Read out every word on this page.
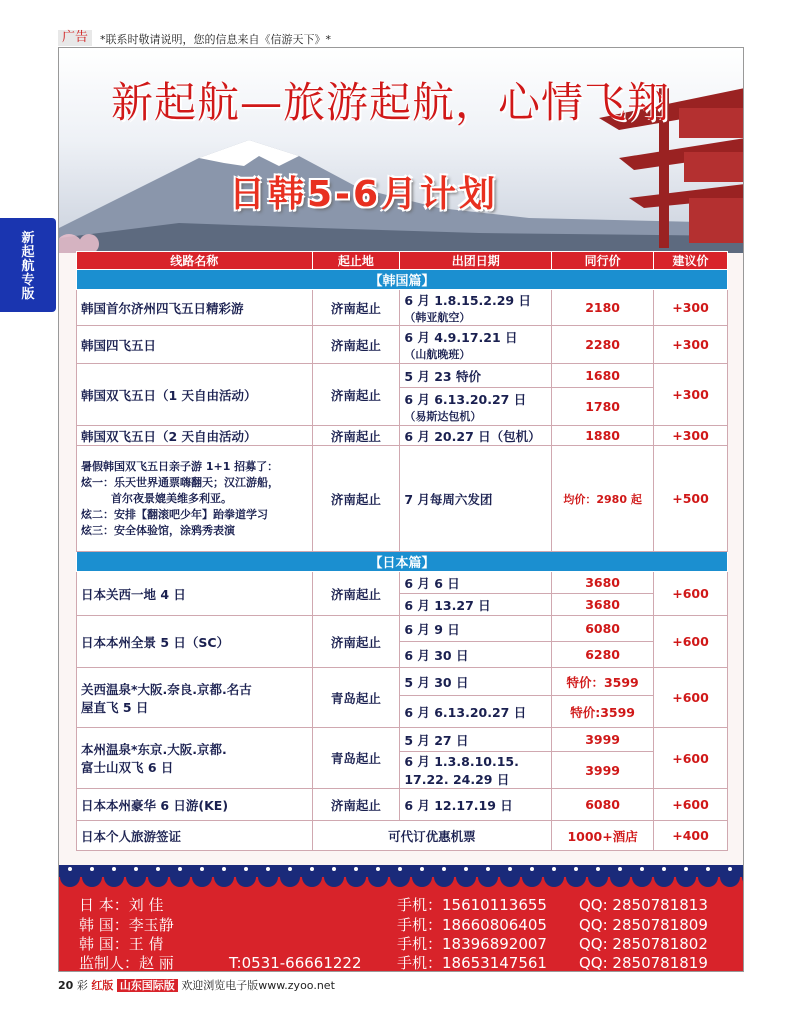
广告	*联系时敬请说明，您的信息来自《信游天下》*
新
起
航
专
版
新起航—旅游起航，心情飞翔
日韩5-6月计划
线路名称	起止地	出团日期	同行价	建议价
【韩国篇】				
韩国首尔济州四飞五日精彩游	济南起止	6 月 1.8.15.2.29 日
（韩亚航空）	2180	+300
韩国四飞五日	济南起止	6 月 4.9.17.21 日
（山航晚班）	2280	+300
韩国双飞五日（1 天自由活动）	济南起止	5 月 23 特价	1680	+300

		6 月 6.13.20.27 日
（易斯达包机）	1780	
韩国双飞五日（2 天自由活动）	济南起止	6 月 20.27 日（包机）	1880	+300

暑假韩国双飞五日亲子游 1+1 招募了：
炫一：乐天世界通票嗨翻天；汉江游船，
首尔夜景媲美维多利亚。
炫二：安排【翻滚吧少年】跆拳道学习
炫三：安全体验馆，涂鸦秀表演	济南起止	7 月每周六发团	均价：2980 起	+500
【日本篇】				
日本关西一地 4 日	济南起止	6 月 6 日	3680	+600
		6 月 13.27 日	3680	
日本本州全景 5 日（SC）	济南起止	6 月 9 日	6080	+600
		6 月 30 日	6280	

关西温泉*大阪.奈良.京都.名古
屋直飞 5 日	青岛起止	5 月 30 日	特价：3599	+600
		6 月 6.13.20.27 日	特价:3599	

本州温泉*东京.大阪.京都.
富士山双飞 6 日	青岛起止	5 月 27 日	3999	+600

		6 月 1.3.8.10.15.
17.22. 24.29 日	3999	
日本本州豪华 6 日游(KE)	济南起止	6 月 12.17.19 日	6080	+600
日本个人旅游签证	可代订优惠机票		1000+酒店	+400
日 本：刘 佳	手机：15610113655 QQ: 2850781813
韩 国：李玉静	手机：18660806405 QQ: 2850781809
韩 国：王 倩	手机：18396892007 QQ: 2850781802
监制人：赵 丽	T:0531-66661222 手机：18653147561 QQ: 2850781819
20 彩 红版 山东国际版 欢迎浏览电子版www.zyoo.net
